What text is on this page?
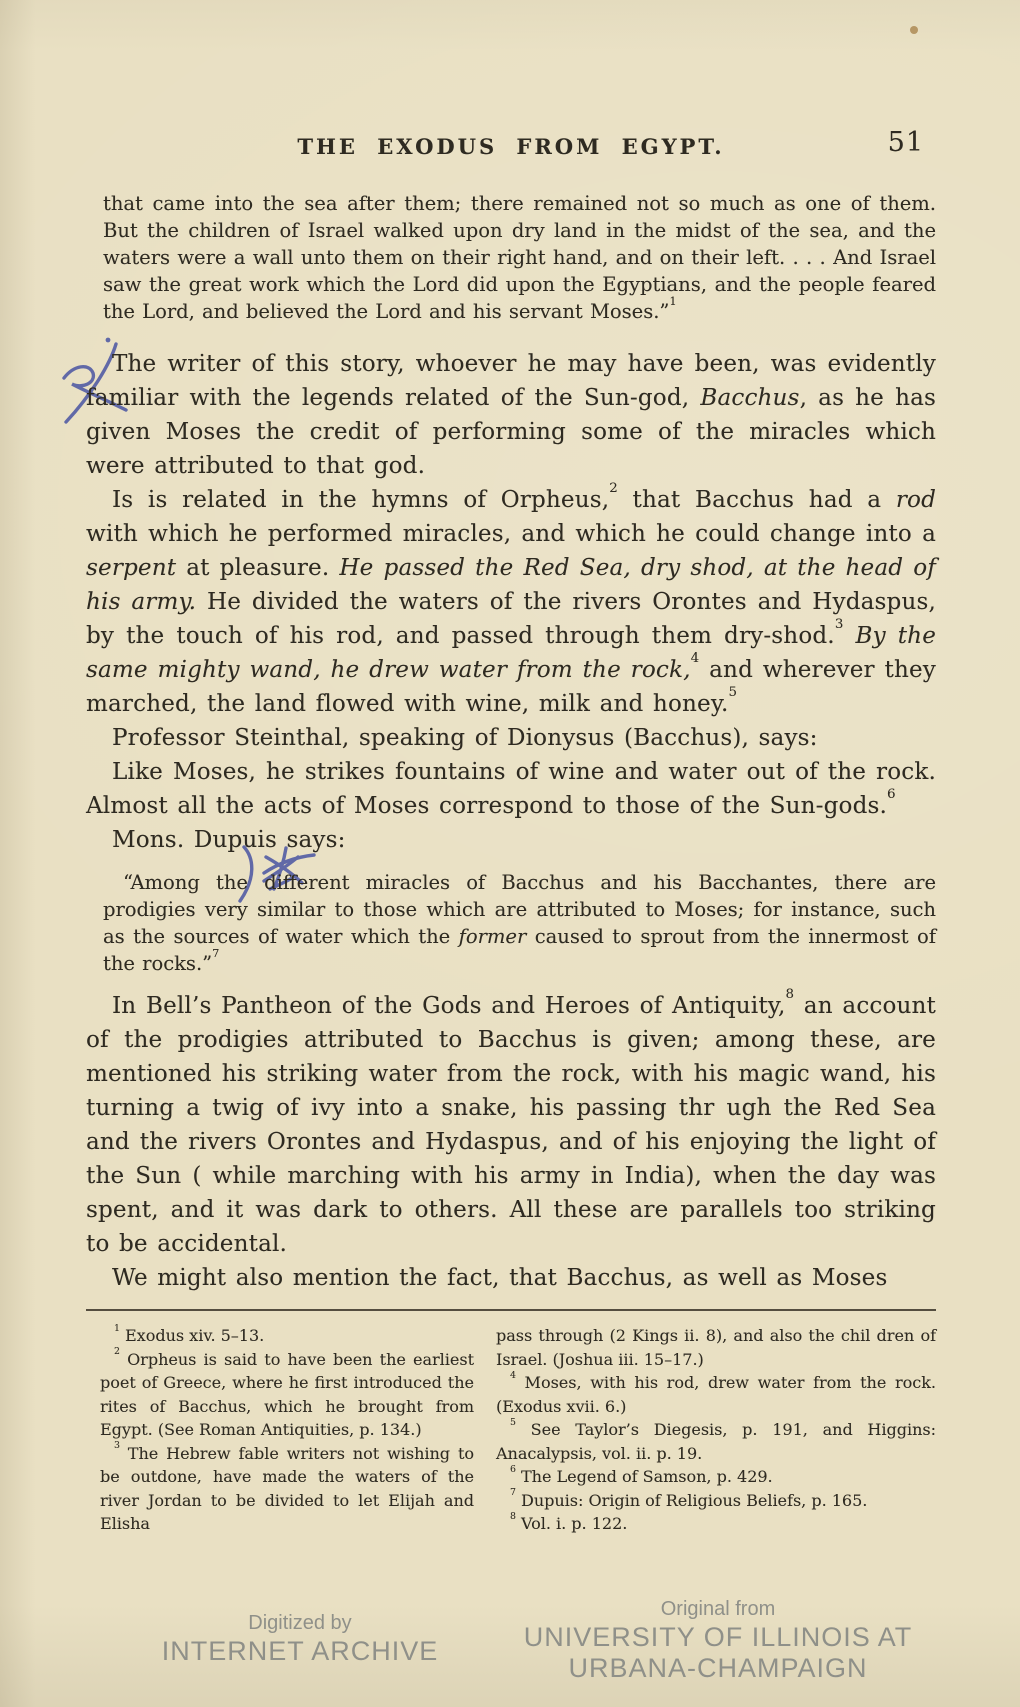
THE EXODUS FROM EGYPT.	51
that came into the sea after them; there remained not so much as one of them. But the children of Israel walked upon dry land in the midst of the sea, and the waters were a wall unto them on their right hand, and on their left. . . . And Israel saw the great work which the Lord did upon the Egyptians, and the people feared the Lord, and believed the Lord and his servant Moses.”$^1$
The writer of this story, whoever he may have been, was evidently familiar with the legends related of the Sun-god, Bacchus, as he has given Moses the credit of performing some of the miracles which were attributed to that god.
Is is related in the hymns of Orpheus,$^2$ that Bacchus had a rod with which he performed miracles, and which he could change into a serpent at pleasure. He passed the Red Sea, dry shod, at the head of his army. He divided the waters of the rivers Orontes and Hydaspus, by the touch of his rod, and passed through them dry-shod.$^3$ By the same mighty wand, he drew water from the rock,$^4$ and wherever they marched, the land flowed with wine, milk and honey.$^5$
Professor Steinthal, speaking of Dionysus (Bacchus), says:
Like Moses, he strikes fountains of wine and water out of the rock. Almost all the acts of Moses correspond to those of the Sun-gods.$^6$
Mons. Dupuis says:
“Among the different miracles of Bacchus and his Bacchantes, there are prodigies very similar to those which are attributed to Moses; for instance, such as the sources of water which the former caused to sprout from the innermost of the rocks.”$^7$
In Bell’s Pantheon of the Gods and Heroes of Antiquity,$^8$ an account of the prodigies attributed to Bacchus is given; among these, are mentioned his striking water from the rock, with his magic wand, his turning a twig of ivy into a snake, his passing thr ugh the Red Sea and the rivers Orontes and Hydaspus, and of his enjoying the light of the Sun ( while marching with his army in India), when the day was spent, and it was dark to others. All these are parallels too striking to be accidental.
We might also mention the fact, that Bacchus, as well as Moses
$^1$ Exodus xiv. 5–13.
$^2$ Orpheus is said to have been the earliest poet of Greece, where he first introduced the rites of Bacchus, which he brought from Egypt. (See Roman Antiquities, p. 134.)
$^3$ The Hebrew fable writers not wishing to be outdone, have made the waters of the river Jordan to be divided to let Elijah and Elisha
pass through (2 Kings ii. 8), and also the chil dren of Israel. (Joshua iii. 15–17.)
$^4$ Moses, with his rod, drew water from the rock. (Exodus xvii. 6.)
$^5$ See Taylor’s Diegesis, p. 191, and Higgins: Anacalypsis, vol. ii. p. 19.
$^6$ The Legend of Samson, p. 429.
$^7$ Dupuis: Origin of Religious Beliefs, p. 165.
$^8$ Vol. i. p. 122.
Digitized by
INTERNET ARCHIVE
Original from
UNIVERSITY OF ILLINOIS AT
URBANA-CHAMPAIGN
